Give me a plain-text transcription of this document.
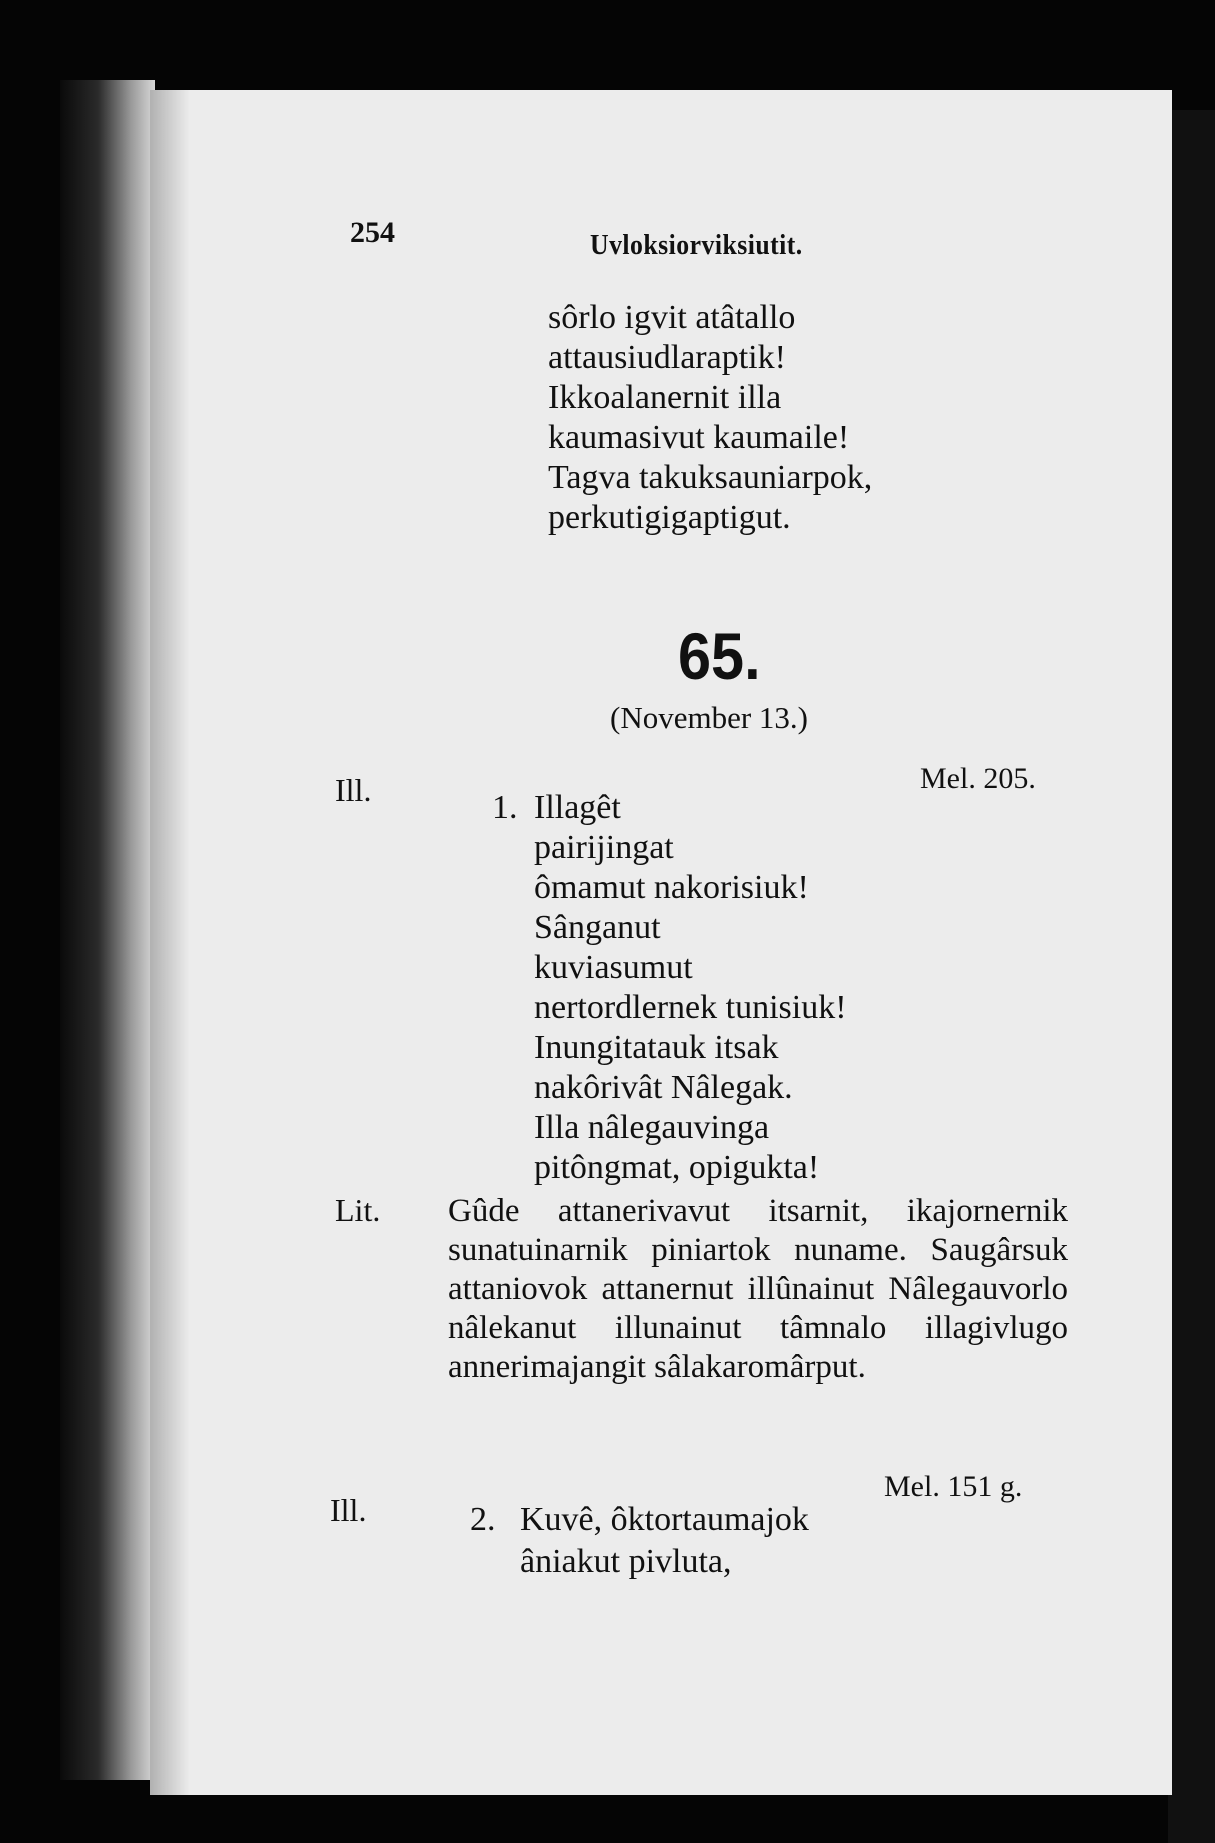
254	Uvloksiorviksiutit.

sôrlo igvit atâtallo

attausiudlaraptik!

Ikkoalanernit illa

kaumasivut kaumaile!

Tagva takuksauniarpok,

perkutigigaptigut.

65.

(November 13.)

Ill.	Mel. 205.

1. Illagêt

pairijingat

ômamut nakorisiuk!

Sânganut

kuviasumut

nertordlernek tunisiuk!

Inungitatauk itsak

nakôrivât Nâlegak.

Illa nâlegauvinga

pitôngmat, opigukta!

Lit. Gûde attanerivavut itsarnit, ikajornernik sunatuinarnik piniartok nuname. Saugârsuk attaniovok attanernut illûnainut Nâlegauvorlo nâlekanut illunainut tâmnalo illagivlugo annerimajangit sâlakaromârput.

Ill.

Mel. 151 g.

2. Kuvê, ôktortaumajok

âniakut pivluta,
